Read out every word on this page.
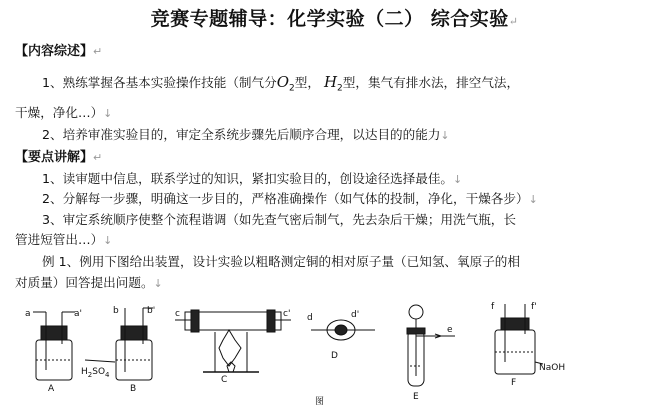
竞赛专题辅导：化学实验（二） 综合实验↵
【内容综述】↵
1、熟练掌握各基本实验操作技能（制气分$O_2$型， $H_2$型，集气有排水法，排空气法，
干燥，净化…）↓
2、培养审准实验目的，审定全系统步骤先后顺序合理，以达目的的能力↓
【要点讲解】↵
1、读审题中信息，联系学过的知识，紧扣实验目的，创设途径选择最佳。↓
2、分解每一步骤，明确这一步目的，严格准确操作（如气体的投制，净化，干燥各步）↓
3、审定系统顺序使整个流程谐调（如先查气密后制气，先去杂后干燥；用洗气瓶，长
管进短管出…）↓
例 1、例用下图给出装置，设计实验以粗略测定铜的相对原子量（已知氢、氧原子的相
对质量）回答提出问题。↓
a	a'
A
b	b'
$H_2SO_4$
B
c	c'
C
d	d'
D
e
E
f	f'
NaOH
F
图
